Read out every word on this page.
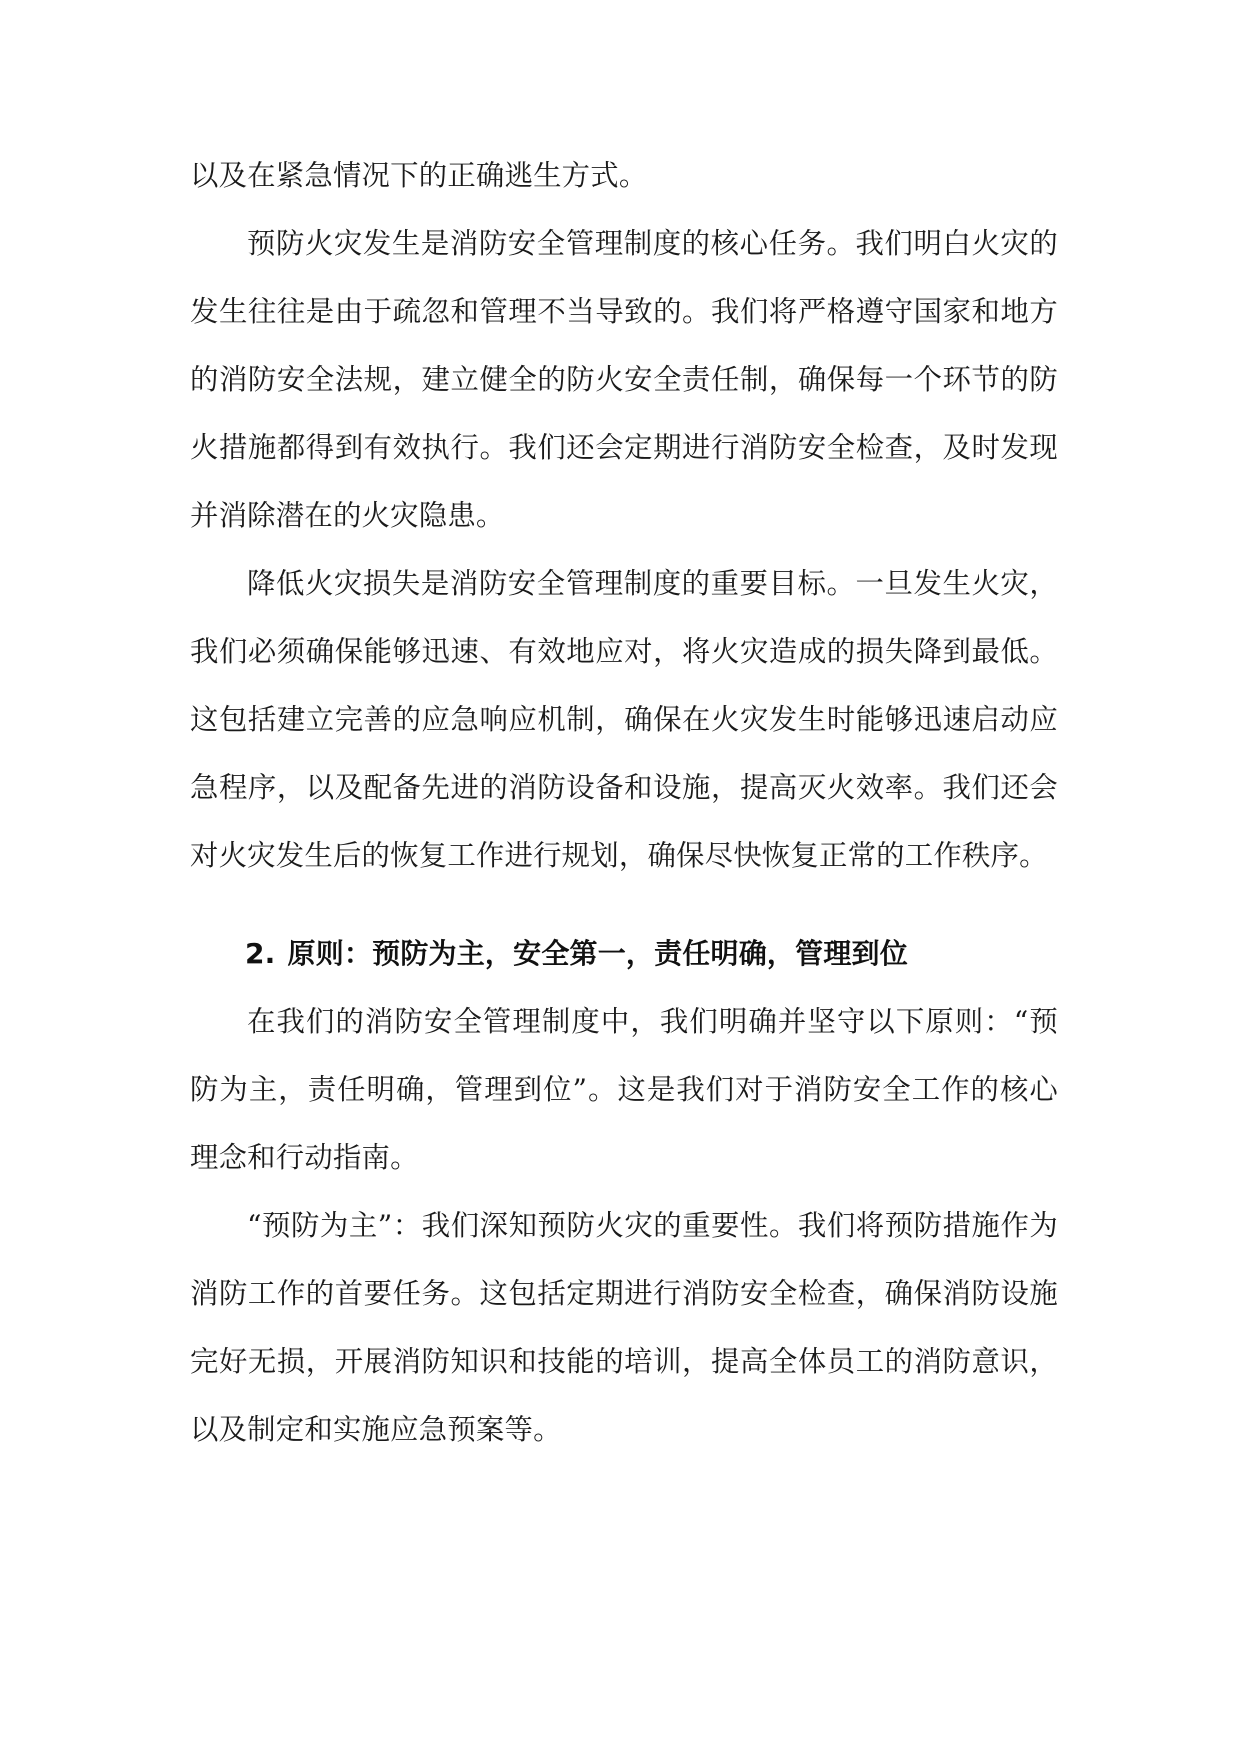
以及在紧急情况下的正确逃生方式。

预防火灾发生是消防安全管理制度的核心任务。我们明白火灾的发生往往是由于疏忽和管理不当导致的。我们将严格遵守国家和地方的消防安全法规，建立健全的防火安全责任制，确保每一个环节的防火措施都得到有效执行。我们还会定期进行消防安全检查，及时发现并消除潜在的火灾隐患。

降低火灾损失是消防安全管理制度的重要目标。一旦发生火灾，我们必须确保能够迅速、有效地应对，将火灾造成的损失降到最低。这包括建立完善的应急响应机制，确保在火灾发生时能够迅速启动应急程序，以及配备先进的消防设备和设施，提高灭火效率。我们还会对火灾发生后的恢复工作进行规划，确保尽快恢复正常的工作秩序。

2. 原则：预防为主，安全第一，责任明确，管理到位

在我们的消防安全管理制度中，我们明确并坚守以下原则：“预防为主，责任明确，管理到位”。这是我们对于消防安全工作的核心理念和行动指南。

“预防为主”：我们深知预防火灾的重要性。我们将预防措施作为消防工作的首要任务。这包括定期进行消防安全检查，确保消防设施完好无损，开展消防知识和技能的培训，提高全体员工的消防意识，以及制定和实施应急预案等。
